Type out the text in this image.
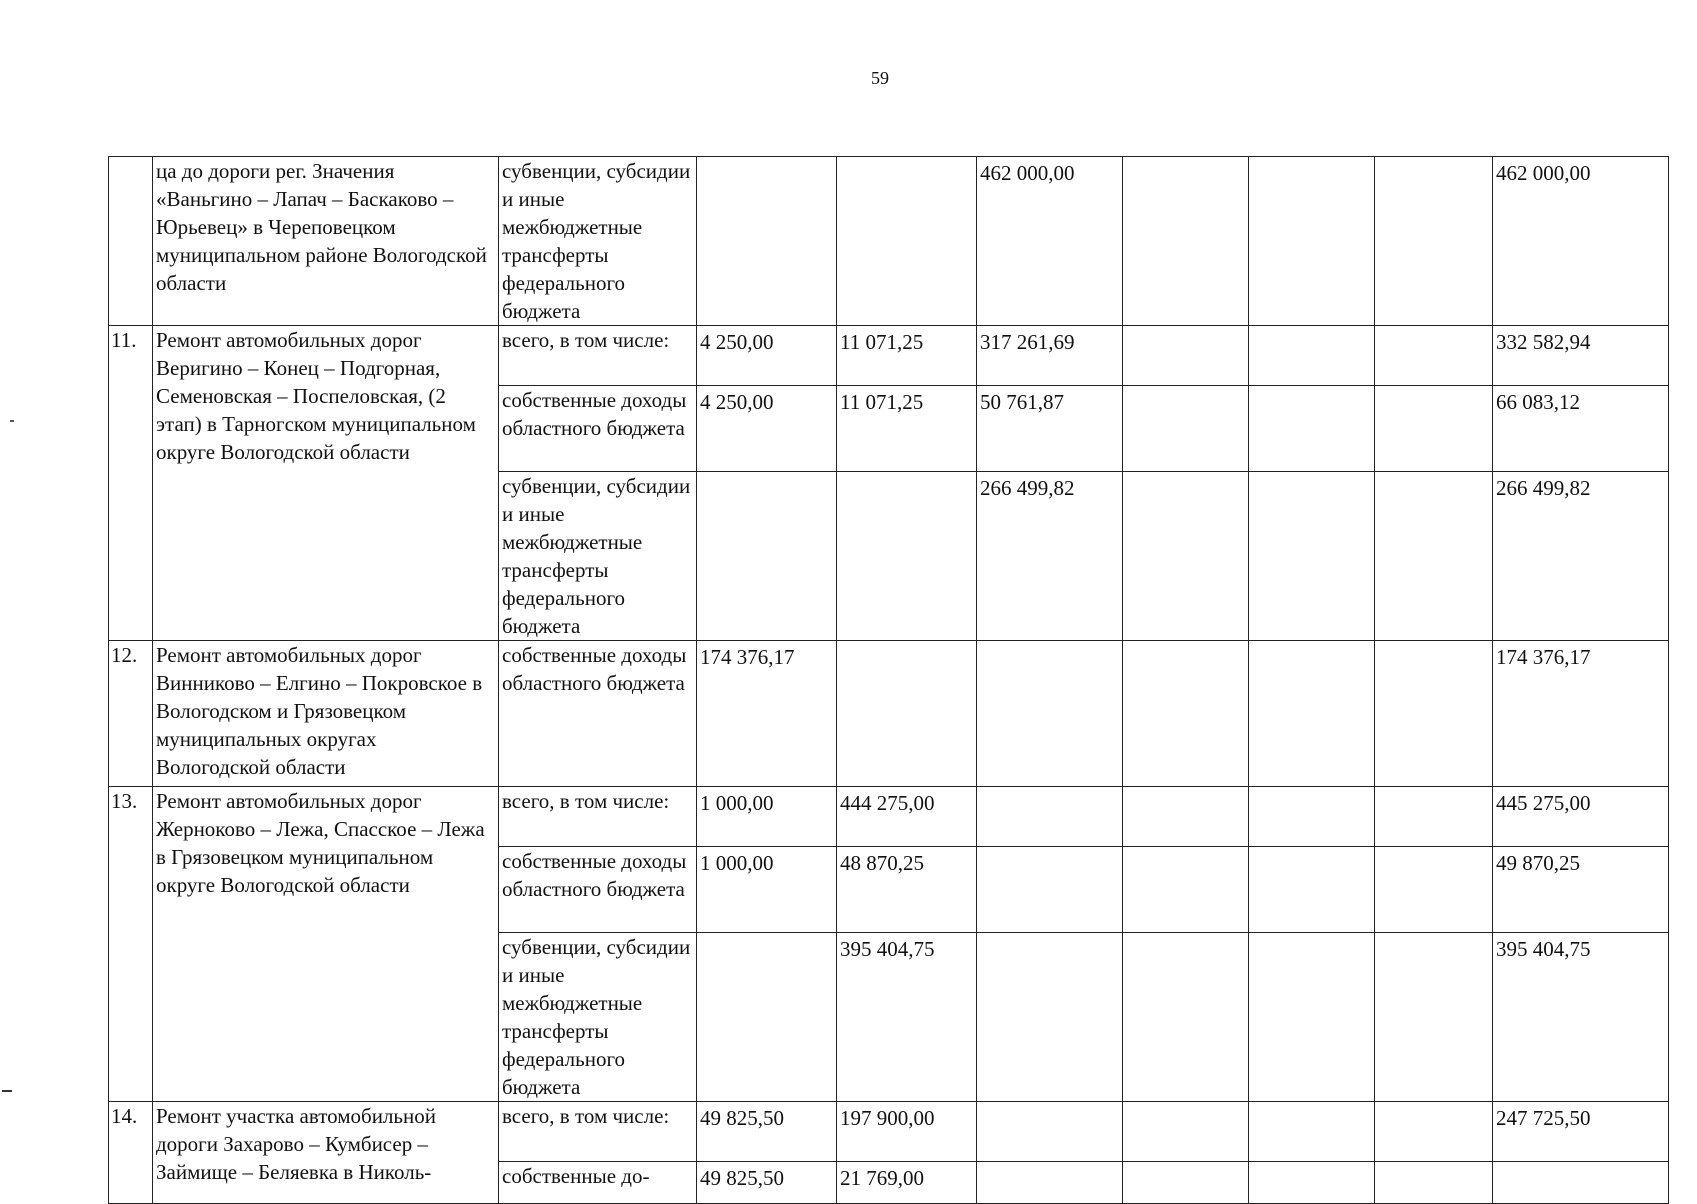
59
	ца до дороги рег. Значения «Ваньгино – Лапач – Баскаково – Юрьевец» в Череповецком муниципальном районе Вологодской области	субвенции, субсидии и иные межбюджетные трансферты федерального бюджета			462 000,00				462 000,00
11.	Ремонт автомобильных дорог Веригино – Конец – Подгорная, Семеновская – Поспеловская, (2 этап) в Тарногском муниципальном округе Вологодской области	всего, в том числе:	4 250,00	11 071,25	317 261,69				332 582,94
		собственные доходы областного бюджета	4 250,00	11 071,25	50 761,87				66 083,12
		субвенции, субсидии и иные межбюджетные трансферты федерального бюджета			266 499,82				266 499,82
12.	Ремонт автомобильных дорог Винниково – Елгино – Покровское в Вологодском и Грязовецком муниципальных округах Вологодской области	собственные доходы областного бюджета	174 376,17						174 376,17
13.	Ремонт автомобильных дорог Жерноково – Лежа, Спасское – Лежа в Грязовецком муниципальном округе Вологодской области	всего, в том числе:	1 000,00	444 275,00					445 275,00
		собственные доходы областного бюджета	1 000,00	48 870,25					49 870,25
		субвенции, субсидии и иные межбюджетные трансферты федерального бюджета		395 404,75					395 404,75
14.	Ремонт участка автомобильной дороги Захарово – Кумбисер – Займище – Беляевка в Николь-	всего, в том числе:	49 825,50	197 900,00					247 725,50
		собственные до-	49 825,50	21 769,00					
